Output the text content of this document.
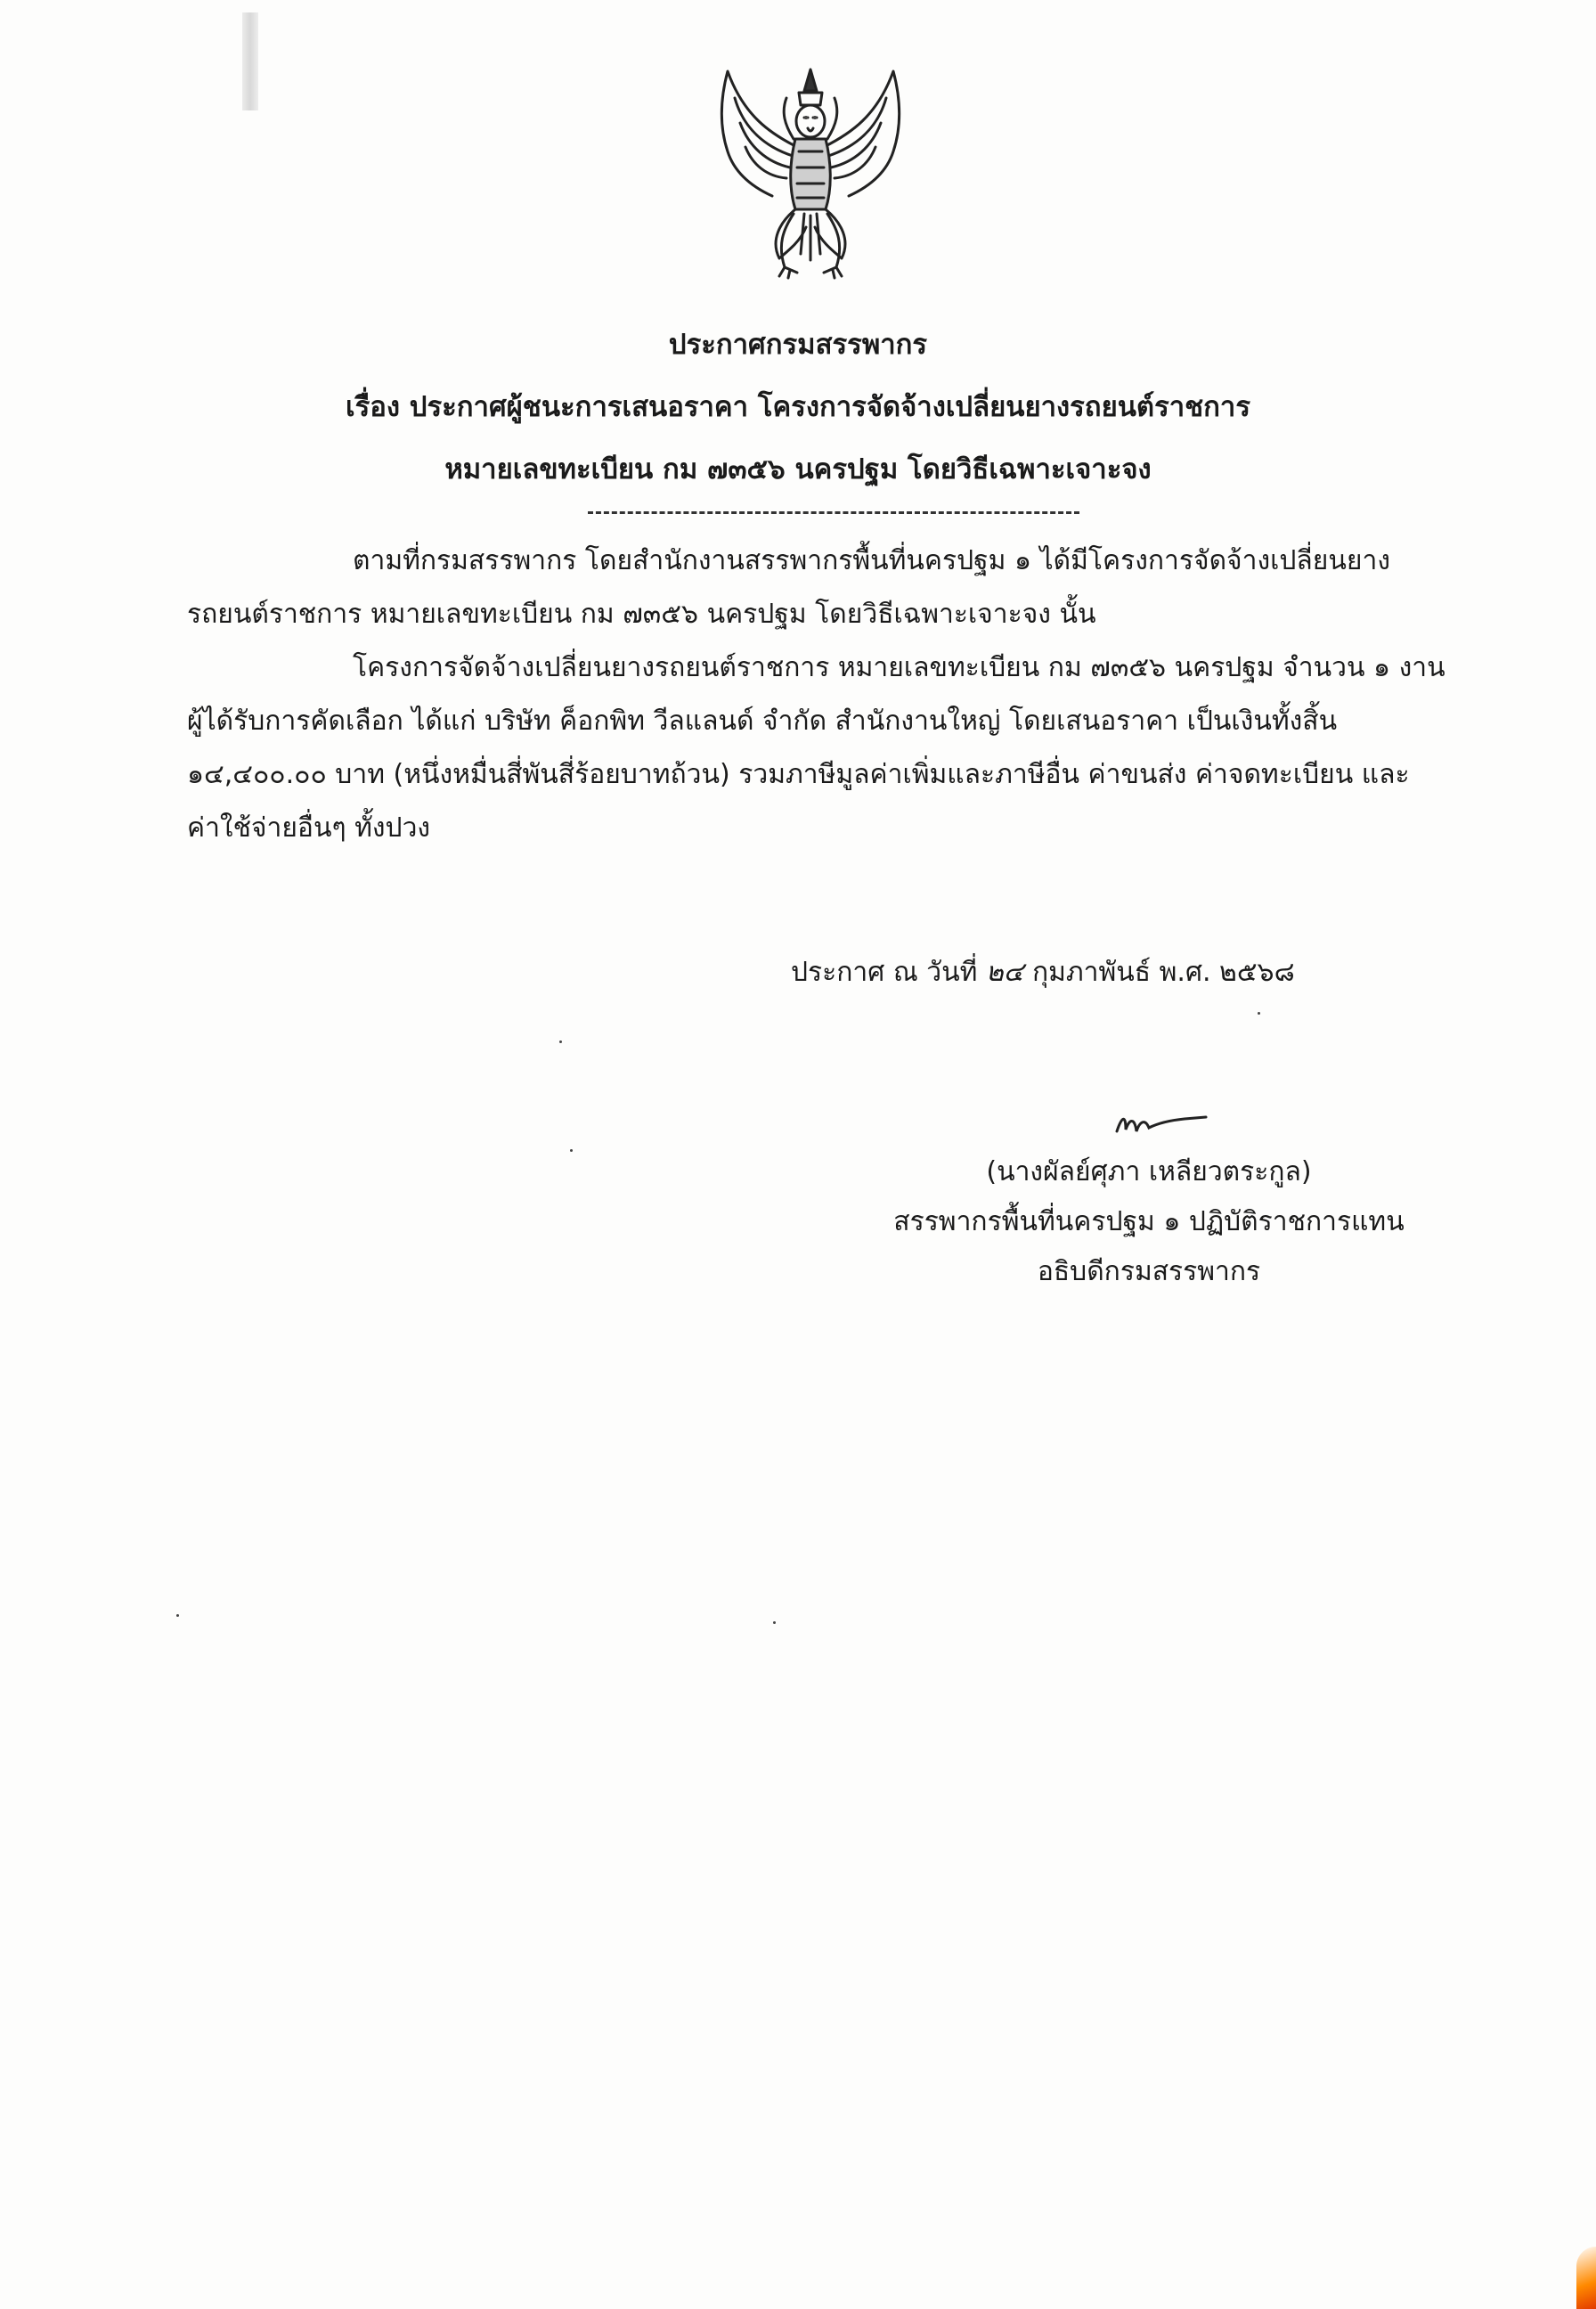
ประกาศกรมสรรพากร
เรื่อง ประกาศผู้ชนะการเสนอราคา โครงการจัดจ้างเปลี่ยนยางรถยนต์ราชการ
หมายเลขทะเบียน กม ๗๓๕๖ นครปฐม โดยวิธีเฉพาะเจาะจง

ตามที่กรมสรรพากร โดยสำนักงานสรรพากรพื้นที่นครปฐม ๑ ได้มีโครงการจัดจ้างเปลี่ยนยาง

รถยนต์ราชการ หมายเลขทะเบียน กม ๗๓๕๖ นครปฐม โดยวิธีเฉพาะเจาะจง นั้น

โครงการจัดจ้างเปลี่ยนยางรถยนต์ราชการ หมายเลขทะเบียน กม ๗๓๕๖ นครปฐม จำนวน ๑ งาน

ผู้ได้รับการคัดเลือก ได้แก่ บริษัท ค็อกพิท วีลแลนด์ จำกัด สำนักงานใหญ่ โดยเสนอราคา เป็นเงินทั้งสิ้น

๑๔,๔๐๐.๐๐ บาท (หนึ่งหมื่นสี่พันสี่ร้อยบาทถ้วน) รวมภาษีมูลค่าเพิ่มและภาษีอื่น ค่าขนส่ง ค่าจดทะเบียน และ

ค่าใช้จ่ายอื่นๆ ทั้งปวง

ประกาศ ณ วันที่ ๒๔ กุมภาพันธ์ พ.ศ. ๒๕๖๘
(นางผัลย์ศุภา เหลียวตระกูล)
สรรพากรพื้นที่นครปฐม ๑ ปฏิบัติราชการแทน
อธิบดีกรมสรรพากร
